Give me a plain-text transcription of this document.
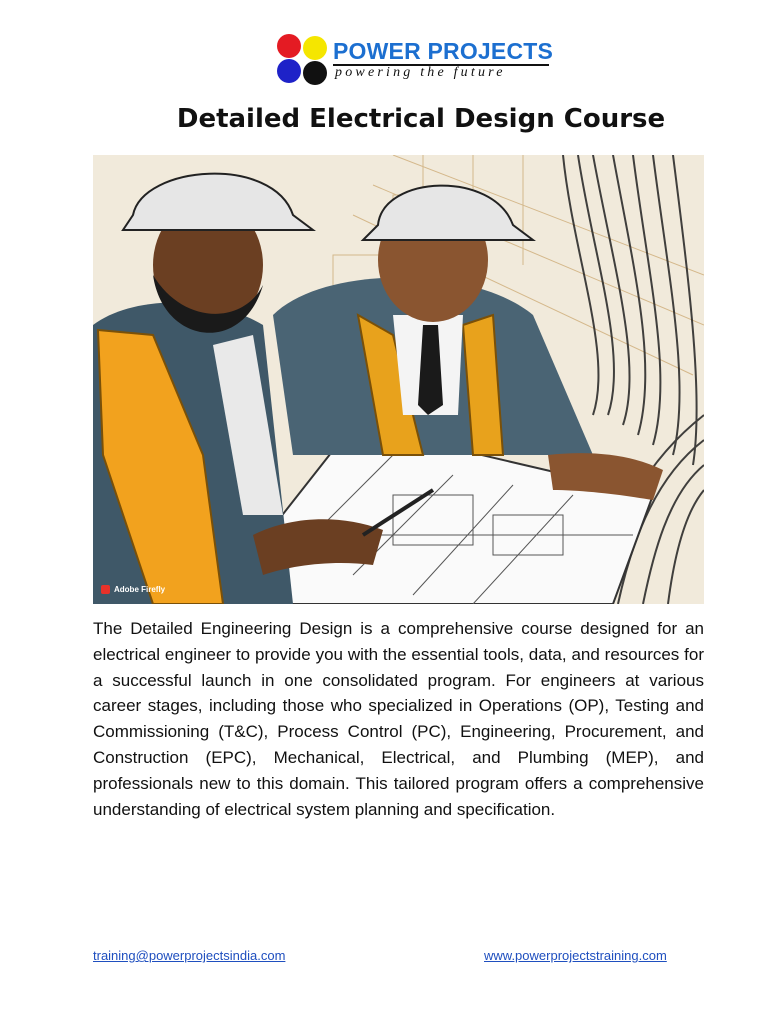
POWER PROJECTS
powering the future
Detailed Electrical Design Course
Adobe Firefly

The Detailed Engineering Design is a comprehensive course designed for an electrical engineer to provide you with the essential tools, data, and resources for a successful launch in one consolidated program. For engineers at various career stages, including those who specialized in Operations (OP), Testing and Commissioning (T&C), Process Control (PC), Engineering, Procurement, and Construction (EPC), Mechanical, Electrical, and Plumbing (MEP), and professionals new to this domain. This tailored program offers a comprehensive understanding of electrical system planning and specification.

training@powerprojectsindia.com	www.powerprojectstraining.com
